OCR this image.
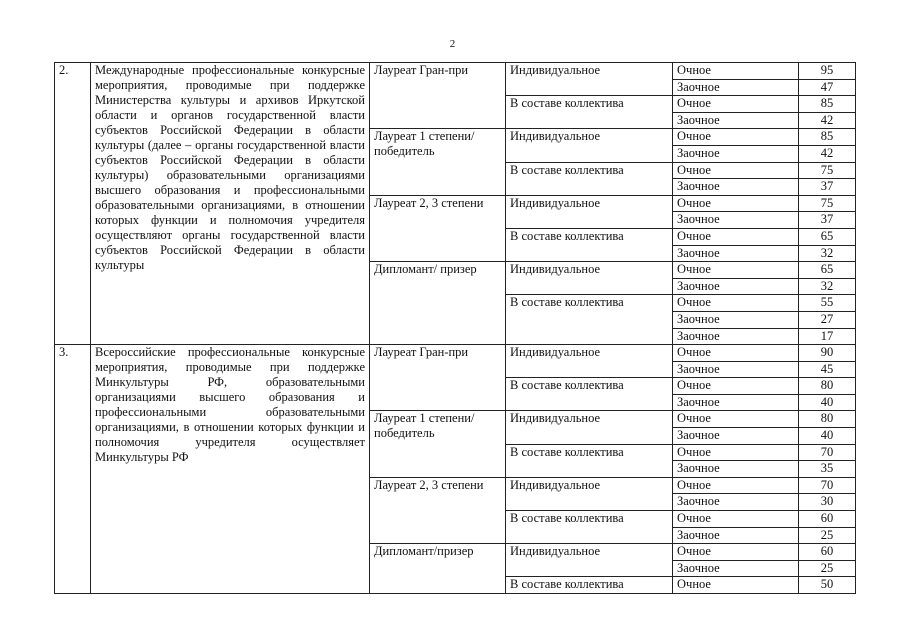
2
2.	Международные профессиональные конкурсные мероприятия, проводимые при поддержке Министерства культуры и архивов Иркутской области и органов государственной власти субъектов Российской Федерации в области культуры (далее – органы государственной власти субъектов Российской Федерации в области культуры) образовательными организациями высшего образования и профессиональными образовательными организациями, в отношении которых функции и полномочия учредителя осуществляют органы государственной власти субъектов Российской Федерации в области культуры	Лауреат Гран-при	Индивидуальное	Очное	95
				Заочное	47
			В составе коллектива	Очное	85
				Заочное	42
		Лауреат 1 степени/ победитель	Индивидуальное	Очное	85
				Заочное	42
			В составе коллектива	Очное	75
				Заочное	37
		Лауреат 2, 3 степени	Индивидуальное	Очное	75
				Заочное	37
			В составе коллектива	Очное	65
				Заочное	32
		Дипломант/ призер	Индивидуальное	Очное	65
				Заочное	32
			В составе коллектива	Очное	55
				Заочное	27
				Заочное	17
3.	Всероссийские профессиональные конкурсные мероприятия, проводимые при поддержке Минкультуры РФ, образовательными организациями высшего образования и профессиональными образовательными организациями, в отношении которых функции и полномочия учредителя осуществляет Минкультуры РФ	Лауреат Гран-при	Индивидуальное	Очное	90
				Заочное	45
			В составе коллектива	Очное	80
				Заочное	40
		Лауреат 1 степени/ победитель	Индивидуальное	Очное	80
				Заочное	40
			В составе коллектива	Очное	70
				Заочное	35
		Лауреат 2, 3 степени	Индивидуальное	Очное	70
				Заочное	30
			В составе коллектива	Очное	60
				Заочное	25
		Дипломант/призер	Индивидуальное	Очное	60
				Заочное	25
			В составе коллектива	Очное	50
